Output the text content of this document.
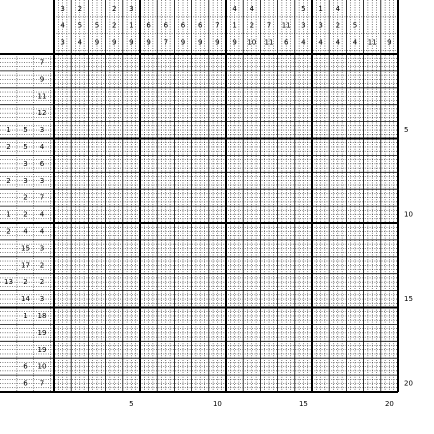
3
4
3
2
5
4
5
9
2
2
9
3
1
9
6
9
6
7
6
9
6
9
7
9
4
1
9
4
2
10
7
11
11
6
5
3
4
1
3
4
4
2
4
5
4 11 9
7
9
11
12
1 5 3
2 5 4
3 6
2 3 3
2 7
1 2 4
2 4 4
15 3
17 2
13 2 2
14 3
1 18
19
19
6 10
6 7
5	10	15	20
5
10
15
20
